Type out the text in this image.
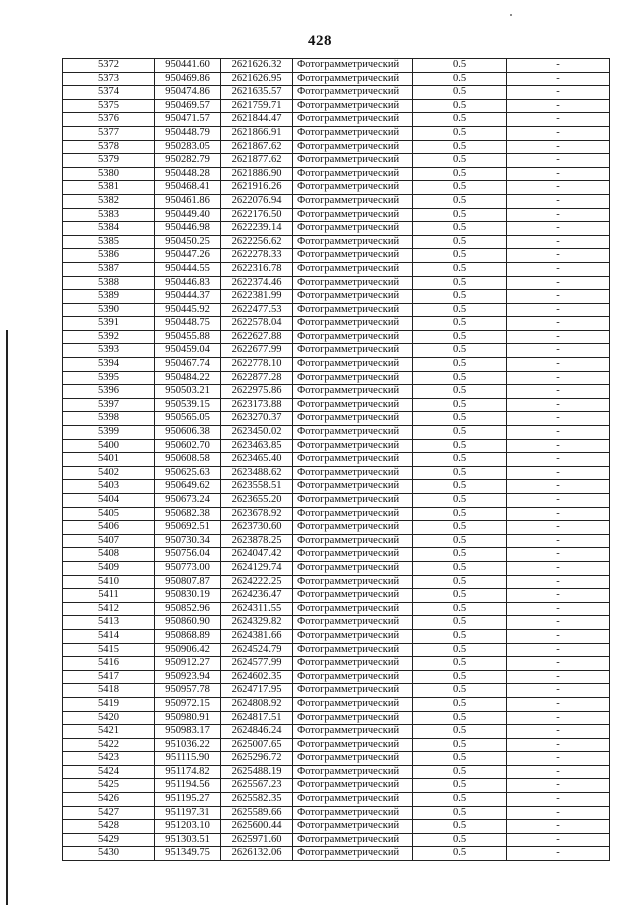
428
5372	950441.60	2621626.32	Фотограмметрический	0.5	-
5373	950469.86	2621626.95	Фотограмметрический	0.5	-
5374	950474.86	2621635.57	Фотограмметрический	0.5	-
5375	950469.57	2621759.71	Фотограмметрический	0.5	-
5376	950471.57	2621844.47	Фотограмметрический	0.5	-
5377	950448.79	2621866.91	Фотограмметрический	0.5	-
5378	950283.05	2621867.62	Фотограмметрический	0.5	-
5379	950282.79	2621877.62	Фотограмметрический	0.5	-
5380	950448.28	2621886.90	Фотограмметрический	0.5	-
5381	950468.41	2621916.26	Фотограмметрический	0.5	-
5382	950461.86	2622076.94	Фотограмметрический	0.5	-
5383	950449.40	2622176.50	Фотограмметрический	0.5	-
5384	950446.98	2622239.14	Фотограмметрический	0.5	-
5385	950450.25	2622256.62	Фотограмметрический	0.5	-
5386	950447.26	2622278.33	Фотограмметрический	0.5	-
5387	950444.55	2622316.78	Фотограмметрический	0.5	-
5388	950446.83	2622374.46	Фотограмметрический	0.5	-
5389	950444.37	2622381.99	Фотограмметрический	0.5	-
5390	950445.92	2622477.53	Фотограмметрический	0.5	-
5391	950448.75	2622578.04	Фотограмметрический	0.5	-
5392	950455.88	2622627.88	Фотограмметрический	0.5	-
5393	950459.04	2622677.99	Фотограмметрический	0.5	-
5394	950467.74	2622778.10	Фотограмметрический	0.5	-
5395	950484.22	2622877.28	Фотограмметрический	0.5	-
5396	950503.21	2622975.86	Фотограмметрический	0.5	-
5397	950539.15	2623173.88	Фотограмметрический	0.5	-
5398	950565.05	2623270.37	Фотограмметрический	0.5	-
5399	950606.38	2623450.02	Фотограмметрический	0.5	-
5400	950602.70	2623463.85	Фотограмметрический	0.5	-
5401	950608.58	2623465.40	Фотограмметрический	0.5	-
5402	950625.63	2623488.62	Фотограмметрический	0.5	-
5403	950649.62	2623558.51	Фотограмметрический	0.5	-
5404	950673.24	2623655.20	Фотограмметрический	0.5	-
5405	950682.38	2623678.92	Фотограмметрический	0.5	-
5406	950692.51	2623730.60	Фотограмметрический	0.5	-
5407	950730.34	2623878.25	Фотограмметрический	0.5	-
5408	950756.04	2624047.42	Фотограмметрический	0.5	-
5409	950773.00	2624129.74	Фотограмметрический	0.5	-
5410	950807.87	2624222.25	Фотограмметрический	0.5	-
5411	950830.19	2624236.47	Фотограмметрический	0.5	-
5412	950852.96	2624311.55	Фотограмметрический	0.5	-
5413	950860.90	2624329.82	Фотограмметрический	0.5	-
5414	950868.89	2624381.66	Фотограмметрический	0.5	-
5415	950906.42	2624524.79	Фотограмметрический	0.5	-
5416	950912.27	2624577.99	Фотограмметрический	0.5	-
5417	950923.94	2624602.35	Фотограмметрический	0.5	-
5418	950957.78	2624717.95	Фотограмметрический	0.5	-
5419	950972.15	2624808.92	Фотограмметрический	0.5	-
5420	950980.91	2624817.51	Фотограмметрический	0.5	-
5421	950983.17	2624846.24	Фотограмметрический	0.5	-
5422	951036.22	2625007.65	Фотограмметрический	0.5	-
5423	951115.90	2625296.72	Фотограмметрический	0.5	-
5424	951174.82	2625488.19	Фотограмметрический	0.5	-
5425	951194.56	2625567.23	Фотограмметрический	0.5	-
5426	951195.27	2625582.35	Фотограмметрический	0.5	-
5427	951197.31	2625589.66	Фотограмметрический	0.5	-
5428	951203.10	2625600.44	Фотограмметрический	0.5	-
5429	951303.51	2625971.60	Фотограмметрический	0.5	-
5430	951349.75	2626132.06	Фотограмметрический	0.5	-
